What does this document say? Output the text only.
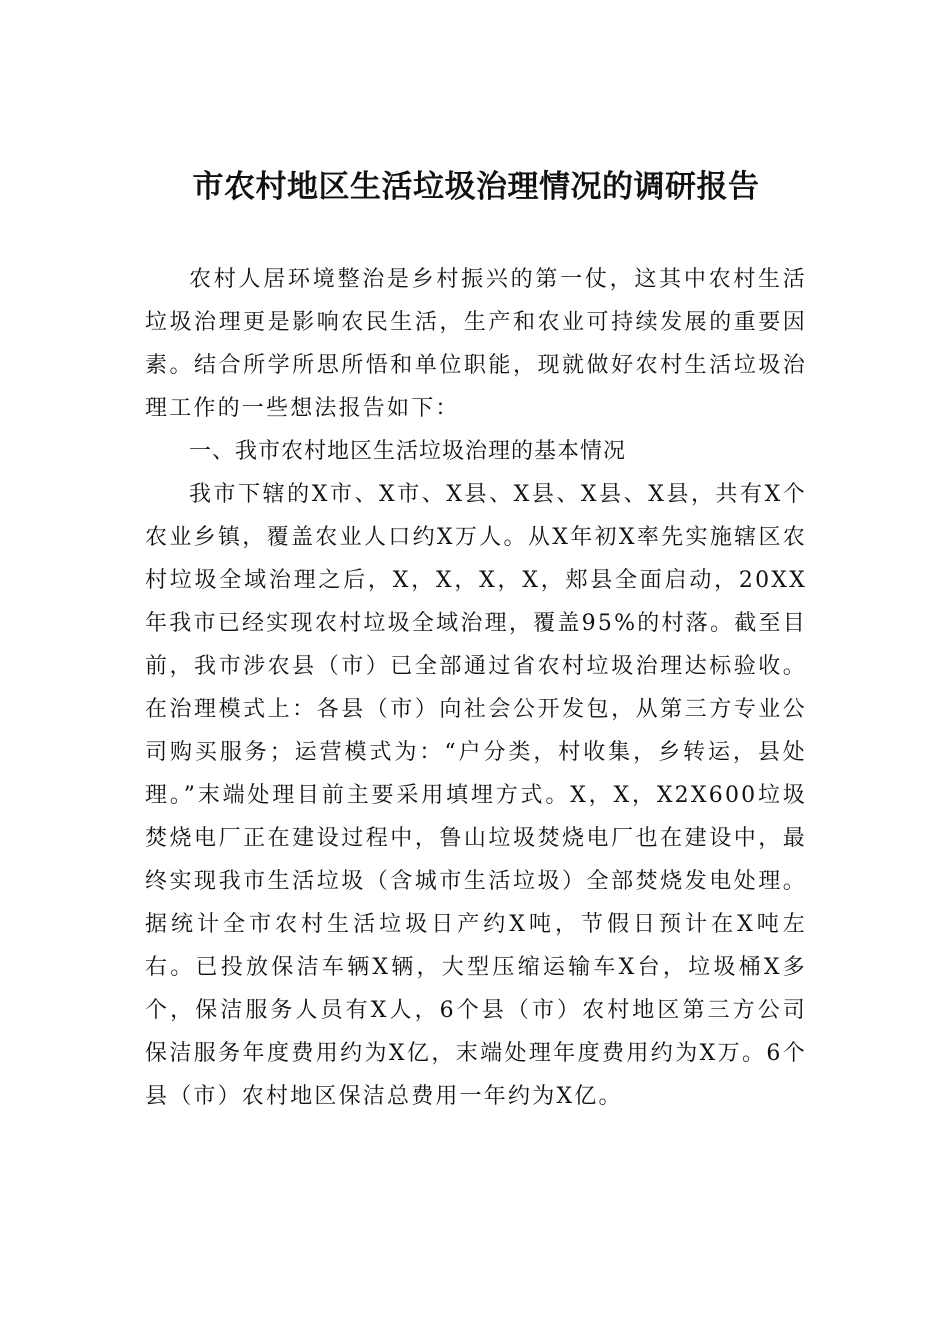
市农村地区生活垃圾治理情况的调研报告

农村人居环境整治是乡村振兴的第一仗，这其中农村生活垃圾治理更是影响农民生活，生产和农业可持续发展的重要因素。结合所学所思所悟和单位职能，现就做好农村生活垃圾治理工作的一些想法报告如下：

一、我市农村地区生活垃圾治理的基本情况

我市下辖的X市、X市、X县、X县、X县、X县，共有X个农业乡镇，覆盖农业人口约X万人。从X年初X率先实施辖区农村垃圾全域治理之后，X，X，X，X，郏县全面启动，20XX年我市已经实现农村垃圾全域治理，覆盖95%的村落。截至目前，我市涉农县（市）已全部通过省农村垃圾治理达标验收。在治理模式上：各县（市）向社会公开发包，从第三方专业公司购买服务；运营模式为：“户分类，村收集，乡转运，县处理。”末端处理目前主要采用填埋方式。X，X，X2X600垃圾焚烧电厂正在建设过程中，鲁山垃圾焚烧电厂也在建设中，最终实现我市生活垃圾（含城市生活垃圾）全部焚烧发电处理。据统计全市农村生活垃圾日产约X吨，节假日预计在X吨左右。已投放保洁车辆X辆，大型压缩运输车X台，垃圾桶X多个，保洁服务人员有X人，6个县（市）农村地区第三方公司保洁服务年度费用约为X亿，末端处理年度费用约为X万。6个县（市）农村地区保洁总费用一年约为X亿。
